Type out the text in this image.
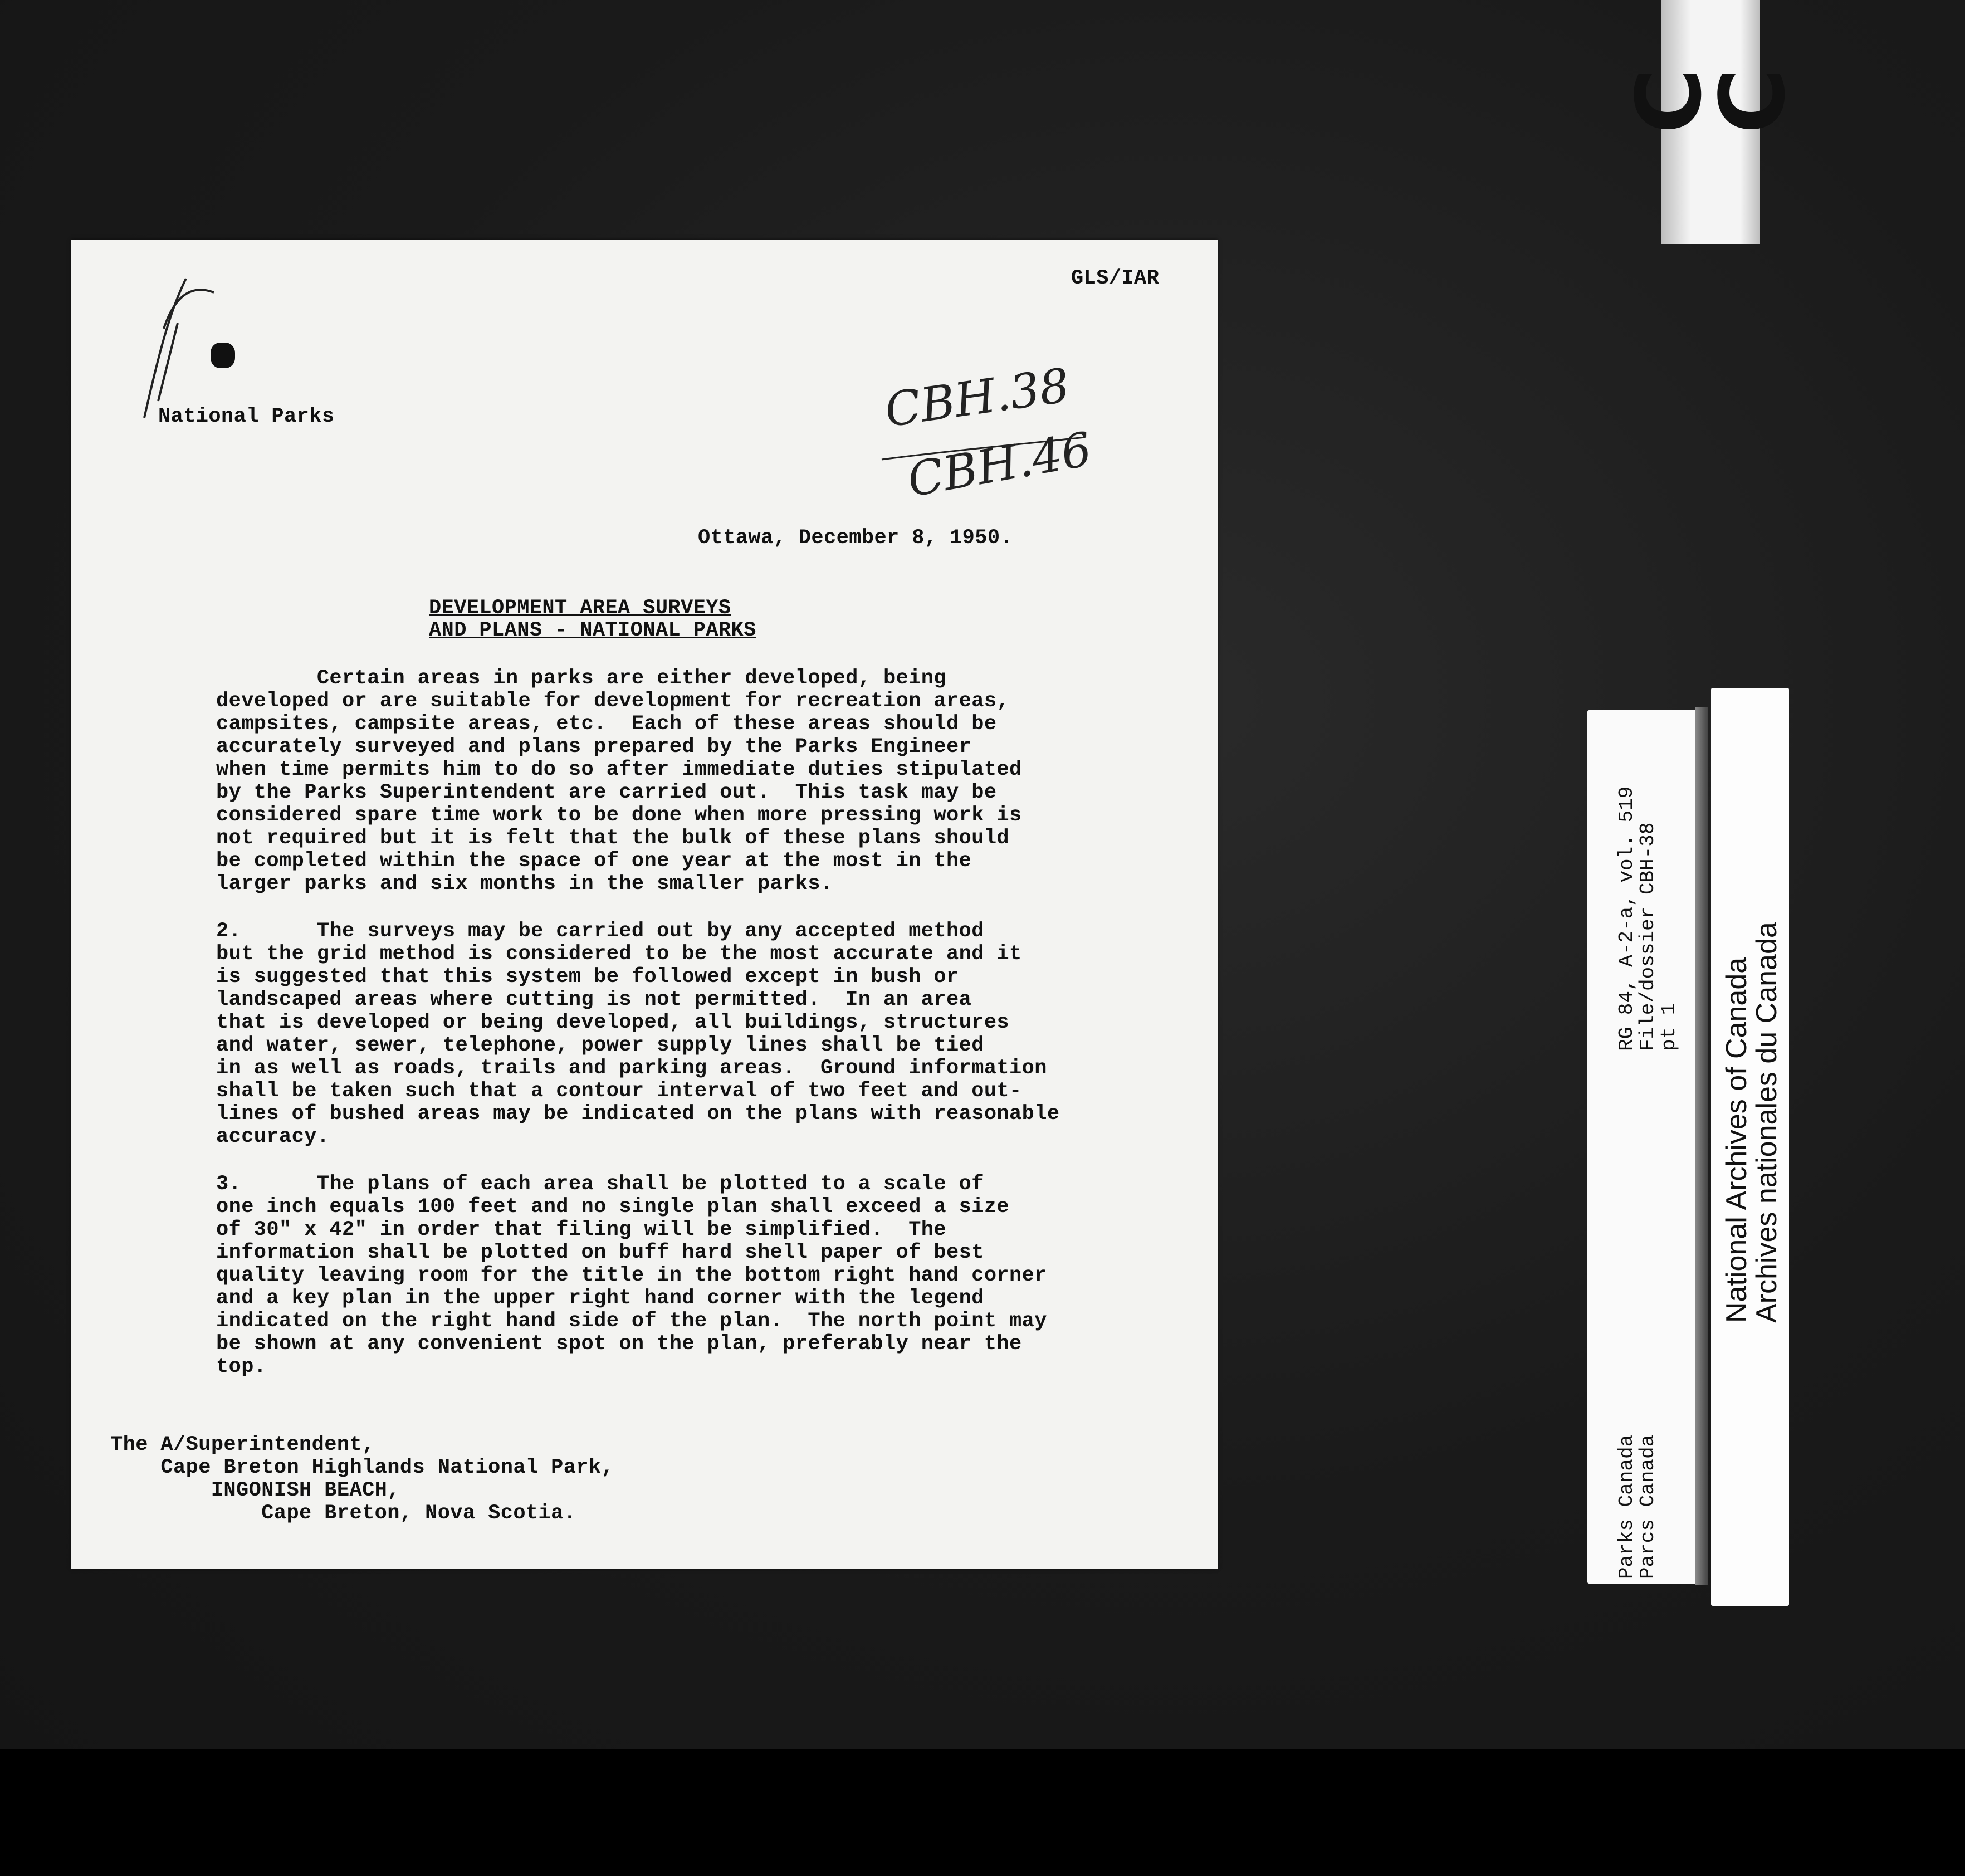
C C
GLS/IAR
National Parks	CBH.38
CBH.46
Ottawa, December 8, 1950.
DEVELOPMENT AREA SURVEYS
AND PLANS - NATIONAL PARKS
Certain areas in parks are either developed, being
developed or are suitable for development for recreation areas,
campsites, campsite areas, etc.  Each of these areas should be
accurately surveyed and plans prepared by the Parks Engineer
when time permits him to do so after immediate duties stipulated
by the Parks Superintendent are carried out.  This task may be
considered spare time work to be done when more pressing work is
not required but it is felt that the bulk of these plans should
be completed within the space of one year at the most in the
larger parks and six months in the smaller parks.
2.      The surveys may be carried out by any accepted method
but the grid method is considered to be the most accurate and it
is suggested that this system be followed except in bush or
landscaped areas where cutting is not permitted.  In an area
that is developed or being developed, all buildings, structures
and water, sewer, telephone, power supply lines shall be tied
in as well as roads, trails and parking areas.  Ground information
shall be taken such that a contour interval of two feet and out-
lines of bushed areas may be indicated on the plans with reasonable
accuracy.
3.      The plans of each area shall be plotted to a scale of
one inch equals 100 feet and no single plan shall exceed a size
of 30" x 42" in order that filing will be simplified.  The
information shall be plotted on buff hard shell paper of best
quality leaving room for the title in the bottom right hand corner
and a key plan in the upper right hand corner with the legend
indicated on the right hand side of the plan.  The north point may
be shown at any convenient spot on the plan, preferably near the
top.
The A/Superintendent,
Cape Breton Highlands National Park,
INGONISH BEACH,
Cape Breton, Nova Scotia.
RG 84, A-2-a, vol. 519
File/dossier CBH-38
pt 1
Parks Canada
Parcs Canada
National Archives of Canada
Archives nationales du Canada
